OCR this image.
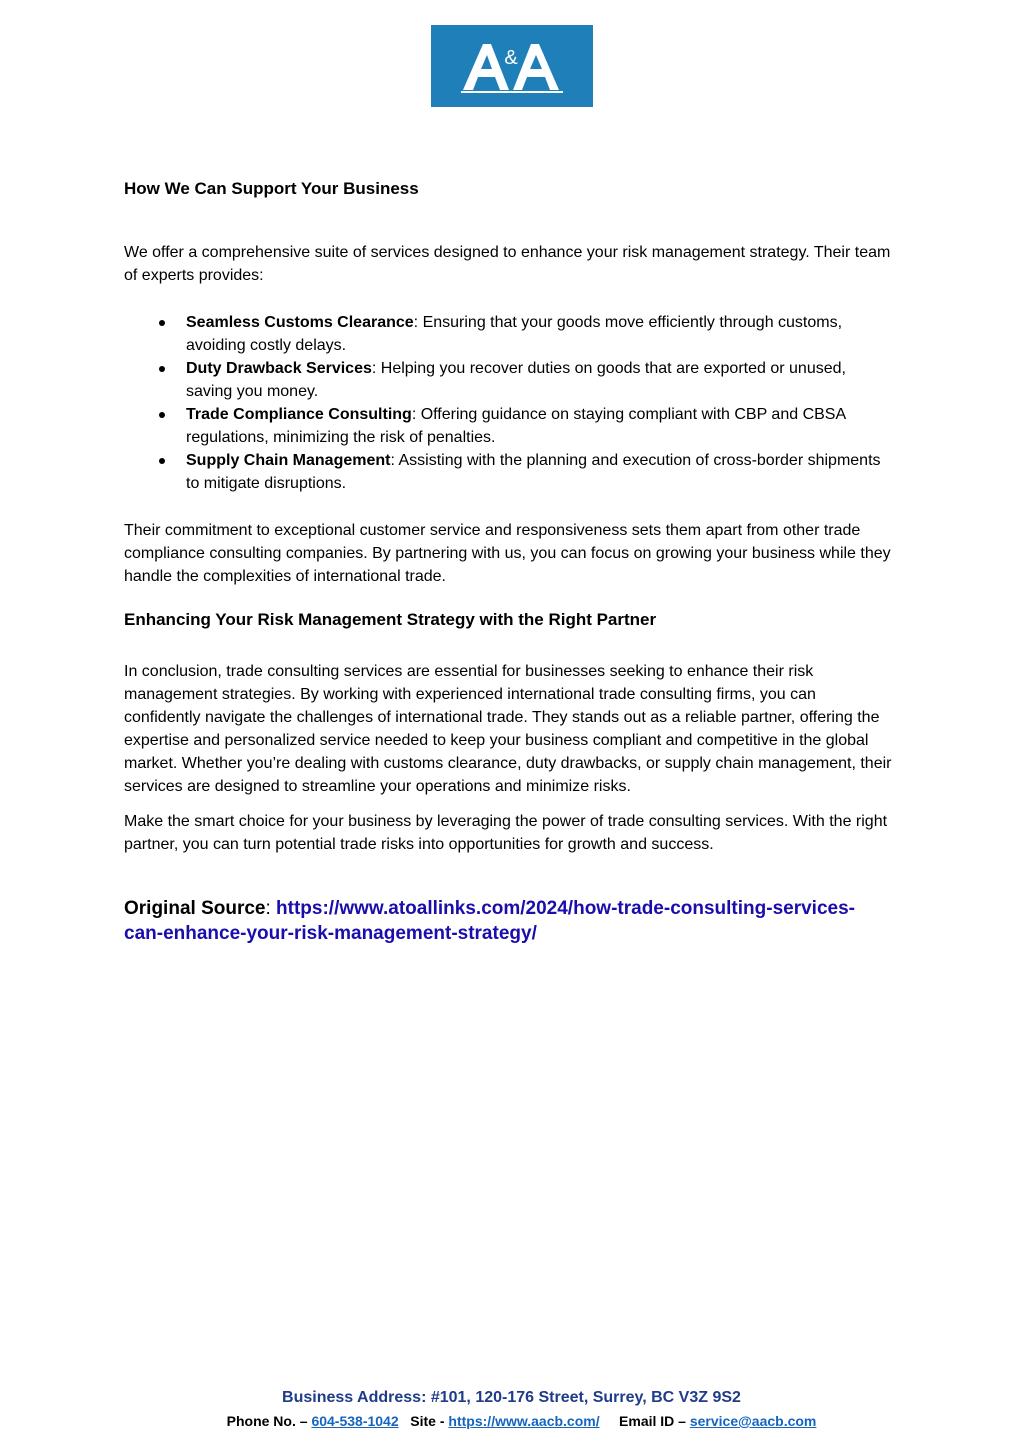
&
How We Can Support Your Business

We offer a comprehensive suite of services designed to enhance your risk management strategy. Their team of experts provides:

Seamless Customs Clearance: Ensuring that your goods move efficiently through customs, avoiding costly delays.
Duty Drawback Services: Helping you recover duties on goods that are exported or unused, saving you money.
Trade Compliance Consulting: Offering guidance on staying compliant with CBP and CBSA regulations, minimizing the risk of penalties.
Supply Chain Management: Assisting with the planning and execution of cross-border shipments to mitigate disruptions.

Their commitment to exceptional customer service and responsiveness sets them apart from other trade compliance consulting companies. By partnering with us, you can focus on growing your business while they handle the complexities of international trade.

Enhancing Your Risk Management Strategy with the Right Partner

In conclusion, trade consulting services are essential for businesses seeking to enhance their risk management strategies. By working with experienced international trade consulting firms, you can confidently navigate the challenges of international trade. They stands out as a reliable partner, offering the expertise and personalized service needed to keep your business compliant and competitive in the global market. Whether you’re dealing with customs clearance, duty drawbacks, or supply chain management, their services are designed to streamline your operations and minimize risks.

Make the smart choice for your business by leveraging the power of trade consulting services. With the right partner, you can turn potential trade risks into opportunities for growth and success.

Original Source: https://www.atoallinks.com/2024/how-trade-consulting-services-can-enhance-your-risk-management-strategy/

Business Address: #101, 120-176 Street, Surrey, BC V3Z 9S2
Phone No. – 604-538-1042 Site - https://www.aacb.com/ Email ID – service@aacb.com
